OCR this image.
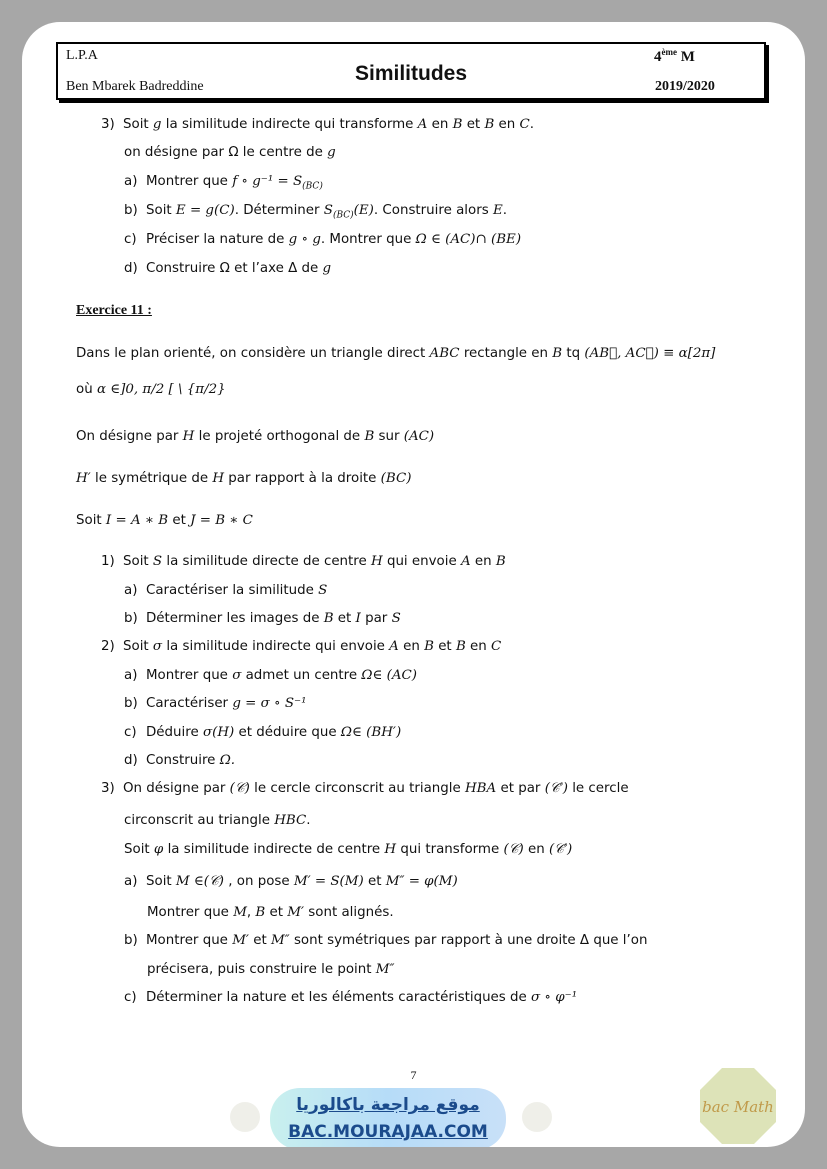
L.P.A
Ben Mbarek Badreddine
Similitudes
4ème M
2019/2020
3) Soit g la similitude indirecte qui transforme A en B et B en C.
on désigne par Ω le centre de g
a) Montrer que f ∘ $g^{-1} = S_{(BC)}$
b) Soit E = g(C). Déterminer $S_{(BC)}(E)$. Construire alors E.
c) Préciser la nature de g ∘ g. Montrer que Ω ∈ (AC)∩ (BE)
d) Construire Ω et l’axe Δ de g
Exercice 11 :
Dans le plan orienté, on considère un triangle direct ABC rectangle en B tq (AB⃗, AC⃗) ≡ α[2π]
où α ∈]0, π/2 [ \ {π/2}
On désigne par H le projeté orthogonal de B sur (AC)
H′ le symétrique de H par rapport à la droite (BC)
Soit I = A ∗ B et J = B ∗ C
1) Soit S la similitude directe de centre H qui envoie A en B
a) Caractériser la similitude S
b) Déterminer les images de B et I par S
2) Soit σ la similitude indirecte qui envoie A en B et B en C
a) Montrer que σ admet un centre Ω∈ (AC)
b) Caractériser g = σ ∘ S⁻¹
c) Déduire σ(H) et déduire que Ω∈ (BH′)
d) Construire Ω.
3) On désigne par (𝒞) le cercle circonscrit au triangle HBA et par (𝒞′) le cercle
circonscrit au triangle HBC.
Soit φ la similitude indirecte de centre H qui transforme (𝒞) en (𝒞′)
a) Soit M ∈(𝒞) , on pose M′ = S(M) et M″ = φ(M)
Montrer que M, B et M′ sont alignés.
b) Montrer que M′ et M″ sont symétriques par rapport à une droite Δ que l’on
précisera, puis construire le point M″
c) Déterminer la nature et les éléments caractéristiques de σ ∘ φ⁻¹
7
موقع مراجعة باكالوريا
BAC.MOURAJAA.COM
bac Math
